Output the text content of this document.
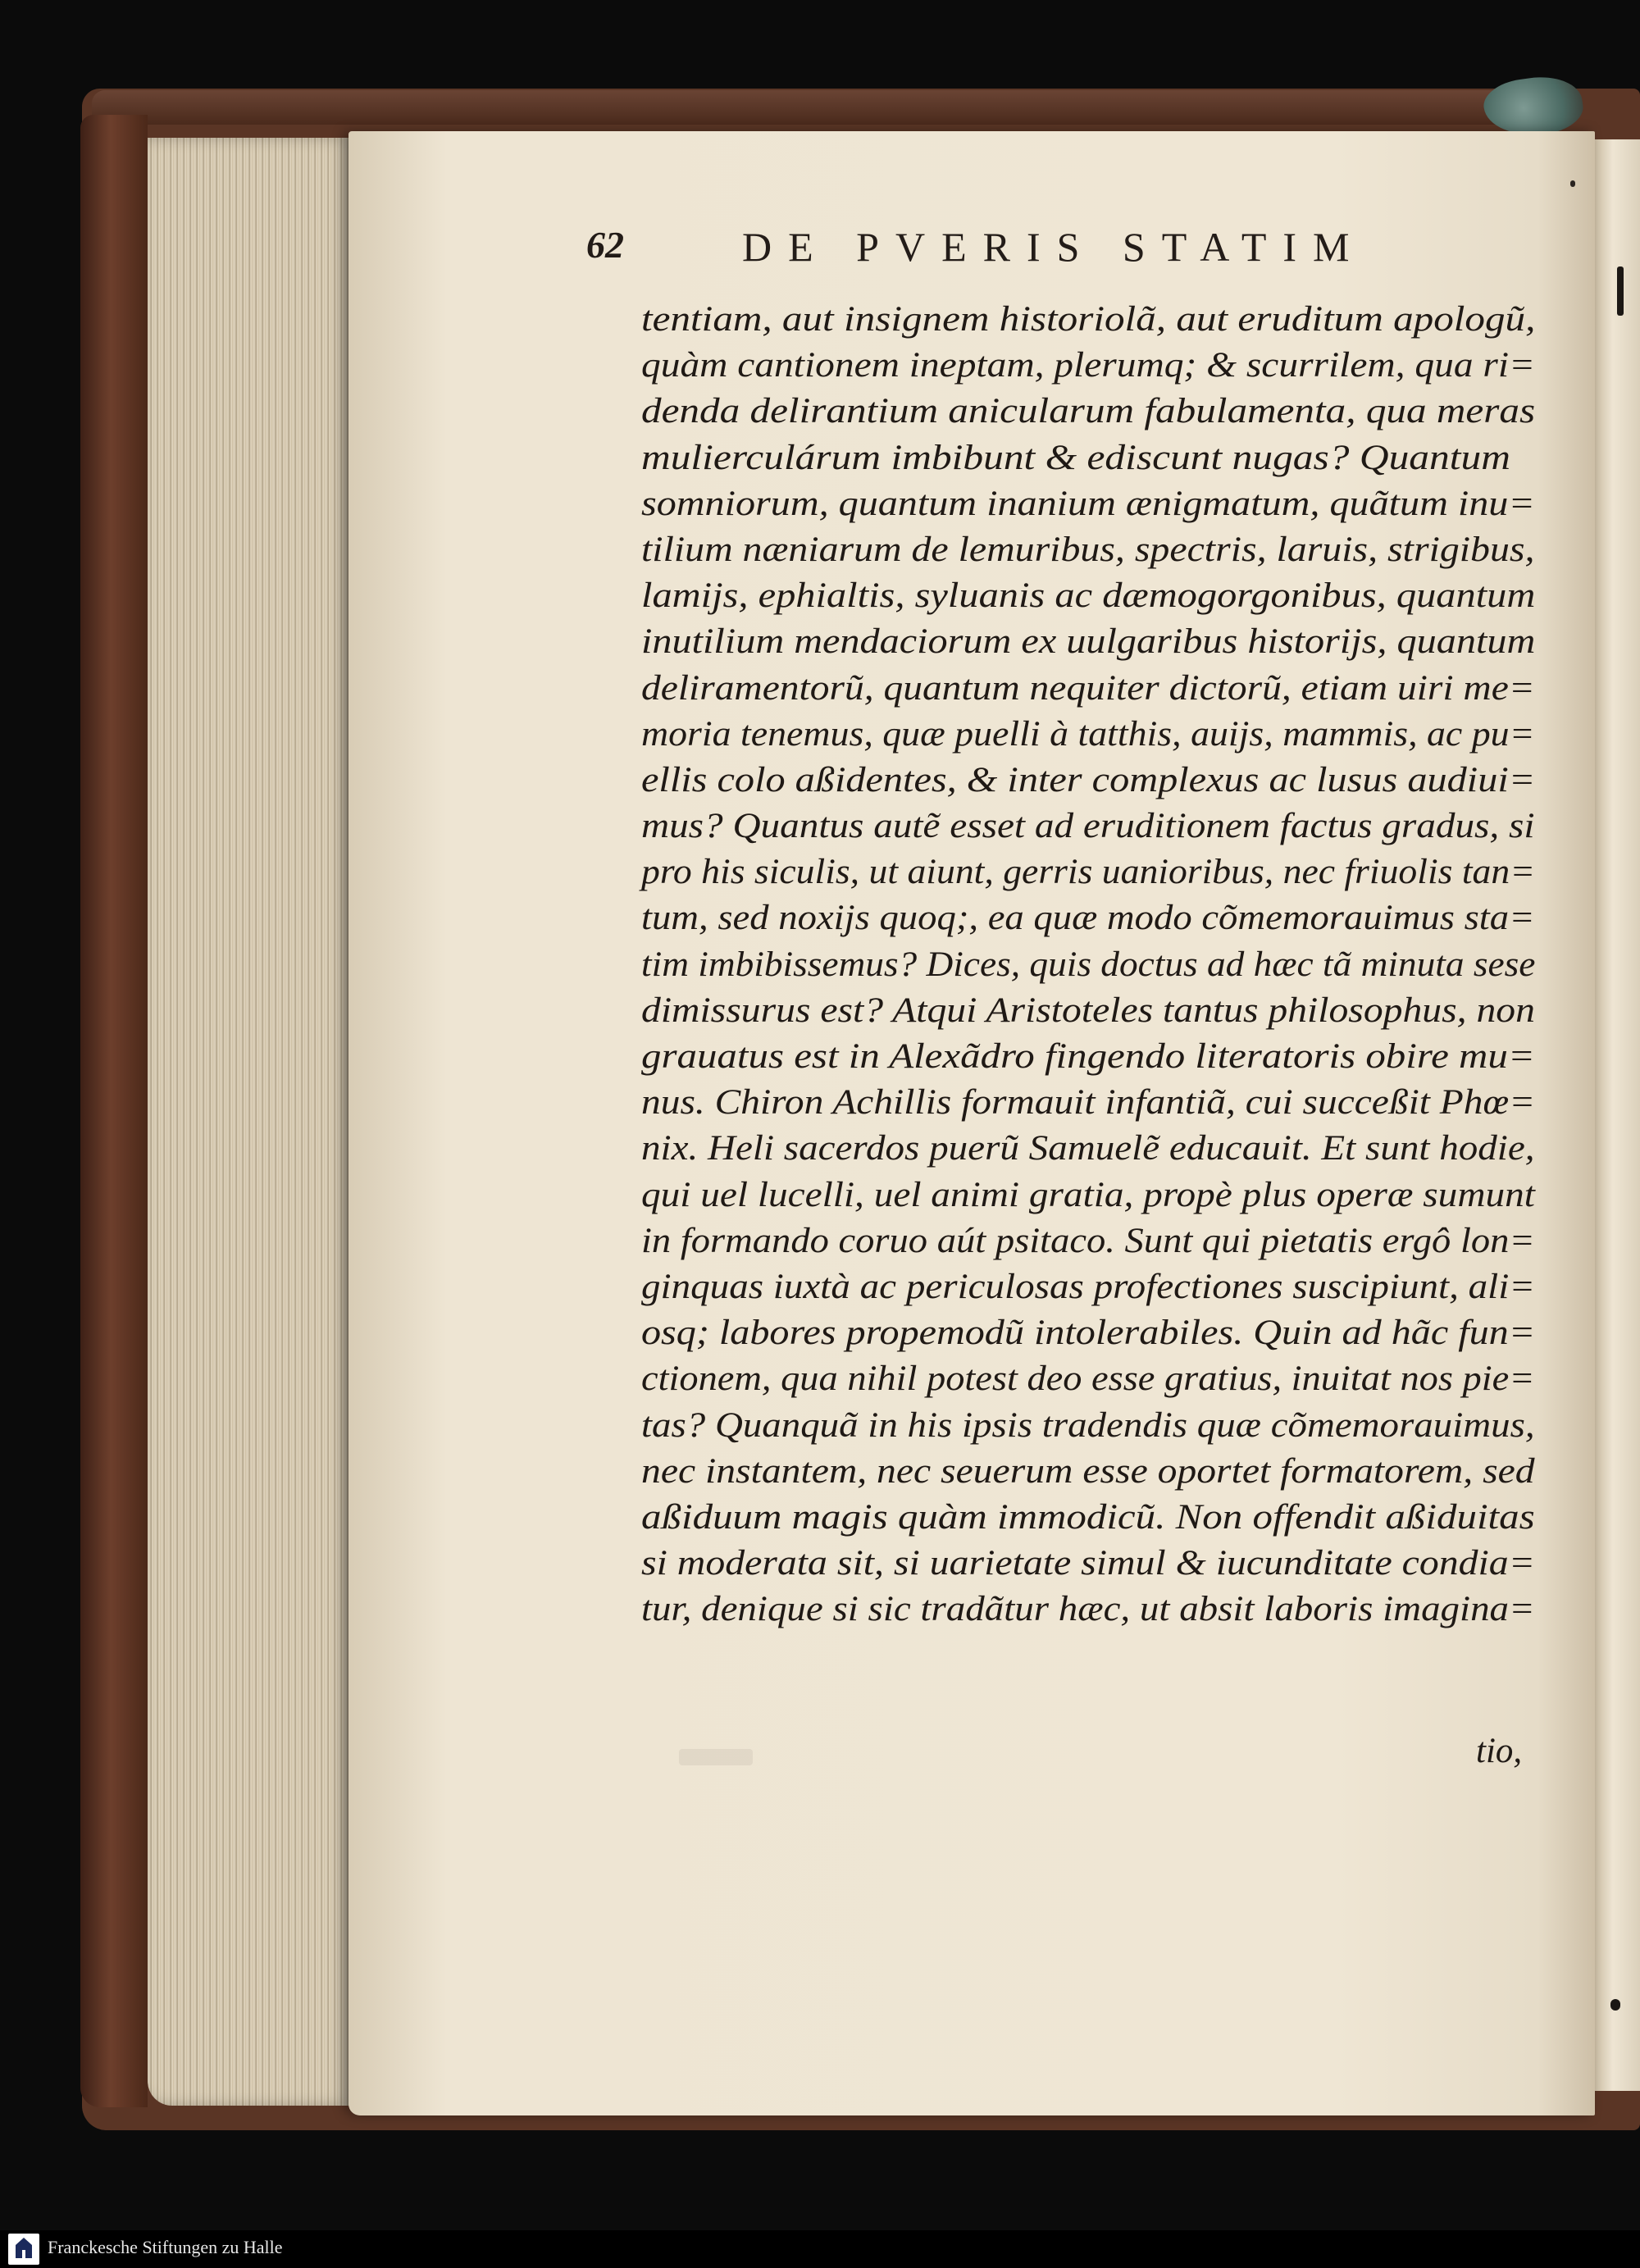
62	DE PVERIS STATIM
tentiam, aut insignem historiolã, aut eruditum apologũ,
quàm cantionem ineptam, plerumq; & scurrilem, qua ri=
denda delirantium anicularum fabulamenta, qua meras
mulierculárum imbibunt & ediscunt nugas? Quantum
somniorum, quantum inanium ænigmatum, quãtum inu=
tilium næniarum de lemuribus, spectris, laruis, strigibus,
lamijs, ephialtis, syluanis ac dæmogorgonibus, quantum
inutilium mendaciorum ex uulgaribus historijs, quantum
deliramentorũ, quantum nequiter dictorũ, etiam uiri me=
moria tenemus, quæ puelli à tatthis, auijs, mammis, ac pu=
ellis colo aßidentes, & inter complexus ac lusus audiui=
mus? Quantus autẽ esset ad eruditionem factus gradus, si
pro his siculis, ut aiunt, gerris uanioribus, nec friuolis tan=
tum, sed noxijs quoq;, ea quæ modo cõmemorauimus sta=
tim imbibissemus? Dices, quis doctus ad hæc tã minuta sese
dimissurus est? Atqui Aristoteles tantus philosophus, non
grauatus est in Alexãdro fingendo literatoris obire mu=
nus. Chiron Achillis formauit infantiã, cui succeßit Phœ=
nix. Heli sacerdos puerũ Samuelẽ educauit. Et sunt hodie,
qui uel lucelli, uel animi gratia, propè plus operæ sumunt
in formando coruo aút psitaco. Sunt qui pietatis ergô lon=
ginquas iuxtà ac periculosas profectiones suscipiunt, ali=
osq; labores propemodũ intolerabiles. Quin ad hãc fun=
ctionem, qua nihil potest deo esse gratius, inuitat nos pie=
tas? Quanquã in his ipsis tradendis quæ cõmemorauimus,
nec instantem, nec seuerum esse oportet formatorem, sed
aßiduum magis quàm immodicũ. Non offendit aßiduitas
si moderata sit, si uarietate simul & iucunditate condia=
tur, denique si sic tradãtur hæc, ut absit laboris imagina=
tio,
Franckesche Stiftungen zu Halle
